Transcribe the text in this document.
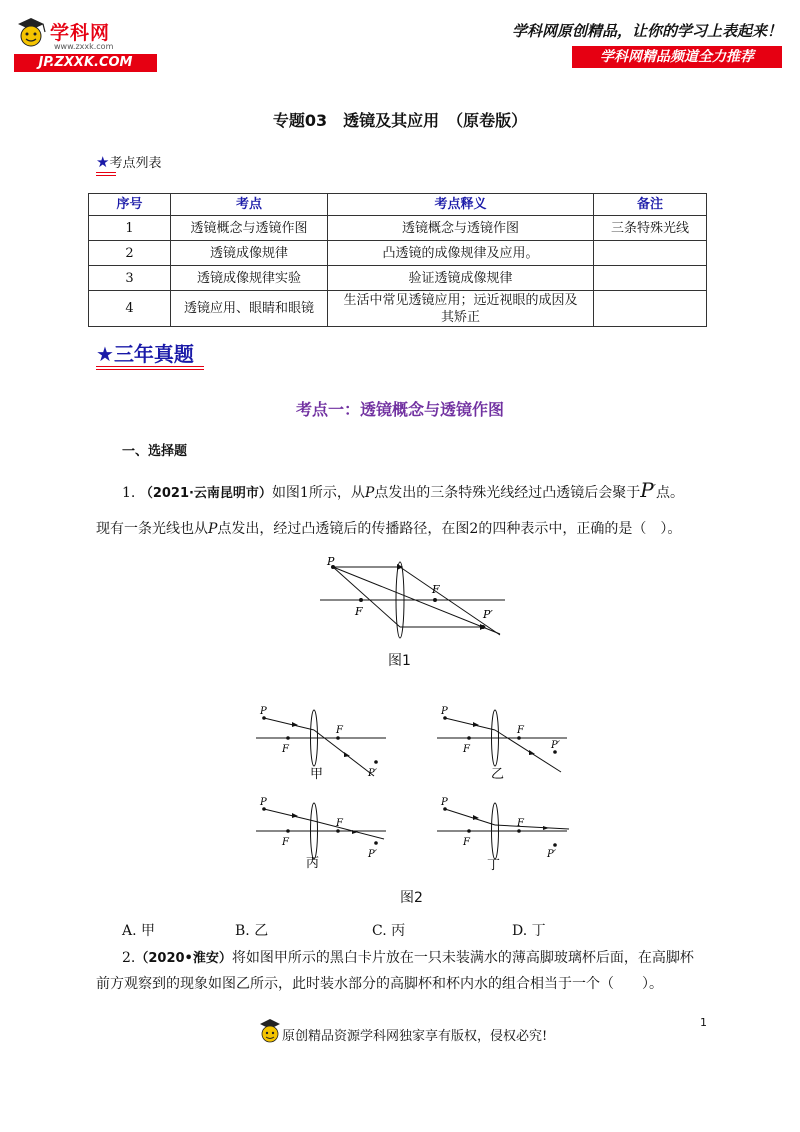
学科网
www.zxxk.com
JP.ZXXK.COM
学科网原创精品，让你的学习上表起来！
学科网精品频道全力推荐
专题03　透镜及其应用　（原卷版）
★考点列表
序号	考点	考点释义	备注
1	透镜概念与透镜作图	透镜概念与透镜作图	三条特殊光线
2	透镜成像规律	凸透镜的成像规律及应用。	
3	透镜成像规律实验	验证透镜成像规律	
4	透镜应用、眼睛和眼镜	生活中常见透镜应用；远近视眼的成因及其矫正	
★三年真题
考点一：透镜概念与透镜作图
一、选择题
1. （2021·云南昆明市）如图1所示，从P点发出的三条特殊光线经过凸透镜后会聚于P′点。
现有一条光线也从P点发出，经过凸透镜后的传播路径，在图2的四种表示中，正确的是（　）。
P
F
F
P′
图1
P
F
F
P′
甲
P
F
F
P′
乙
P
F
F
P′
丙
P
F
F
P′
丁
图2
A. 甲	B. 乙	C. 丙	D. 丁
2.（2020•淮安）将如图甲所示的黑白卡片放在一只未装满水的薄高脚玻璃杯后面，在高脚杯
前方观察到的现象如图乙所示，此时装水部分的高脚杯和杯内水的组合相当于一个（　　）。
1
原创精品资源学科网独家享有版权，侵权必究!
